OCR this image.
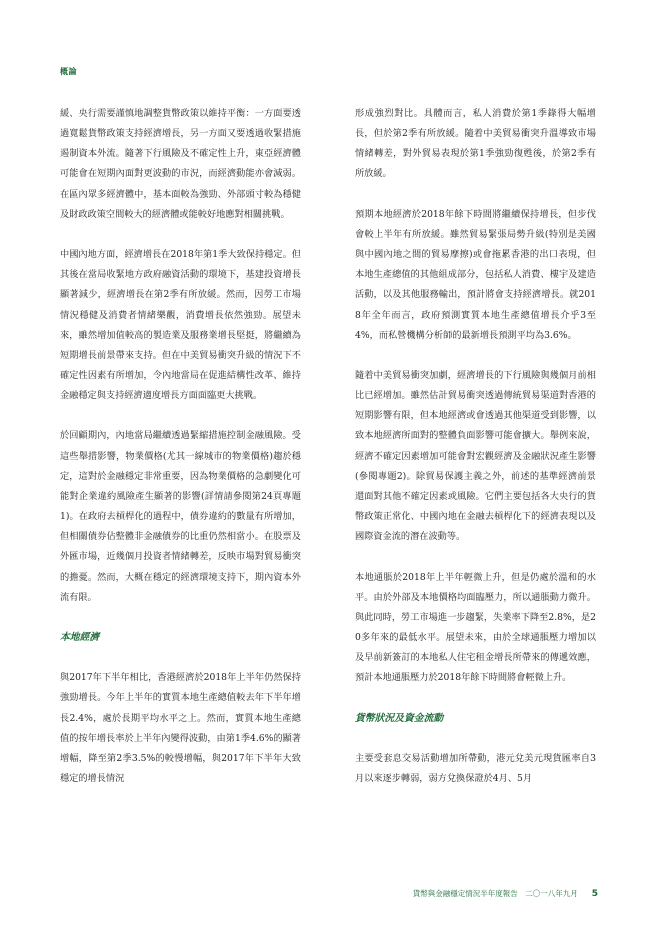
概論

緩、央行需要謹慎地調整貨幣政策以維持平衡：一方面要透過寬鬆貨幣政策支持經濟增長，另一方面又要透過收緊措施遏制資本外流。隨著下行風險及不確定性上升，東亞經濟體可能會在短期內面對更波動的市況，而經濟動能亦會減弱。在區內眾多經濟體中，基本面較為強勁、外部頭寸較為穩健及財政政策空間較大的經濟體或能較好地應對相關挑戰。

中國內地方面，經濟增長在2018年第1季大致保持穩定。但其後在當局收緊地方政府融資活動的環境下，基建投資增長顯著減少，經濟增長在第2季有所放緩。然而，因勞工市場情況穩健及消費者情緒樂觀，消費增長依然強勁。展望未來，雖然增加值較高的製造業及服務業增長堅挺，將繼續為短期增長前景帶來支持。但在中美貿易衝突升級的情況下不確定性因素有所增加，令內地當局在促進結構性改革、維持金融穩定與支持經濟適度增長方面面臨更大挑戰。

於回顧期內，內地當局繼續透過緊縮措施控制金融風險。受這些舉措影響，物業價格(尤其一線城市的物業價格)趨於穩定，這對於金融穩定非常重要，因為物業價格的急劇變化可能對企業違約風險產生顯著的影響(詳情請參閱第24頁專題1)。在政府去槓桿化的過程中，債券違約的數量有所增加，但相關債券佔整體非金融債券的比重仍然相當小。在股票及外匯市場，近幾個月投資者情緒轉差，反映市場對貿易衝突的擔憂。然而，大概在穩定的經濟環境支持下，期內資本外流有限。

本地經濟

與2017年下半年相比，香港經濟於2018年上半年仍然保持強勁增長。今年上半年的實質本地生產總值較去年下半年增長2.4%，處於長期平均水平之上。然而，實質本地生產總值的按年增長率於上半年內變得波動，由第1季4.6%的顯著增幅，降至第2季3.5%的較慢增幅，與2017年下半年大致穩定的增長情況

形成強烈對比。具體而言，私人消費於第1季錄得大幅增長，但於第2季有所放緩。隨着中美貿易衝突升溫導致市場情緒轉差，對外貿易表現於第1季強勁復甦後，於第2季有所放緩。

預期本地經濟於2018年餘下時間將繼續保持增長，但步伐會較上半年有所放緩。雖然貿易緊張局勢升級(特別是美國與中國內地之間的貿易摩擦)或會拖累香港的出口表現，但本地生產總值的其他組成部分，包括私人消費、樓宇及建造活動，以及其他服務輸出，預計將會支持經濟增長。就2018年全年而言，政府預測實質本地生產總值增長介乎3至4%，而私營機構分析師的最新增長預測平均為3.6%。

隨着中美貿易衝突加劇，經濟增長的下行風險與幾個月前相比已經增加。雖然估計貿易衝突透過傳統貿易渠道對香港的短期影響有限，但本地經濟或會透過其他渠道受到影響，以致本地經濟所面對的整體負面影響可能會擴大。舉例來說，經濟不確定因素增加可能會對宏觀經濟及金融狀況產生影響(參閱專題2)。除貿易保護主義之外，前述的基準經濟前景還面對其他不確定因素或風險。它們主要包括各大央行的貨幣政策正常化、中國內地在金融去槓桿化下的經濟表現以及國際資金流的潛在波動等。

本地通脹於2018年上半年輕微上升，但是仍處於溫和的水平。由於外部及本地價格均面臨壓力，所以通脹動力微升。與此同時，勞工市場進一步趨緊，失業率下降至2.8%，是20多年來的最低水平。展望未來，由於全球通脹壓力增加以及早前新簽訂的本地私人住宅租金增長所帶來的傳遞效應，預計本地通脹壓力於2018年餘下時間將會輕微上升。

貨幣狀況及資金流動

主要受套息交易活動增加所帶動，港元兌美元現貨匯率自3月以來逐步轉弱，弱方兌換保證於4月、5月

貨幣與金融穩定情況半年度報告　二〇一八年九月 5
